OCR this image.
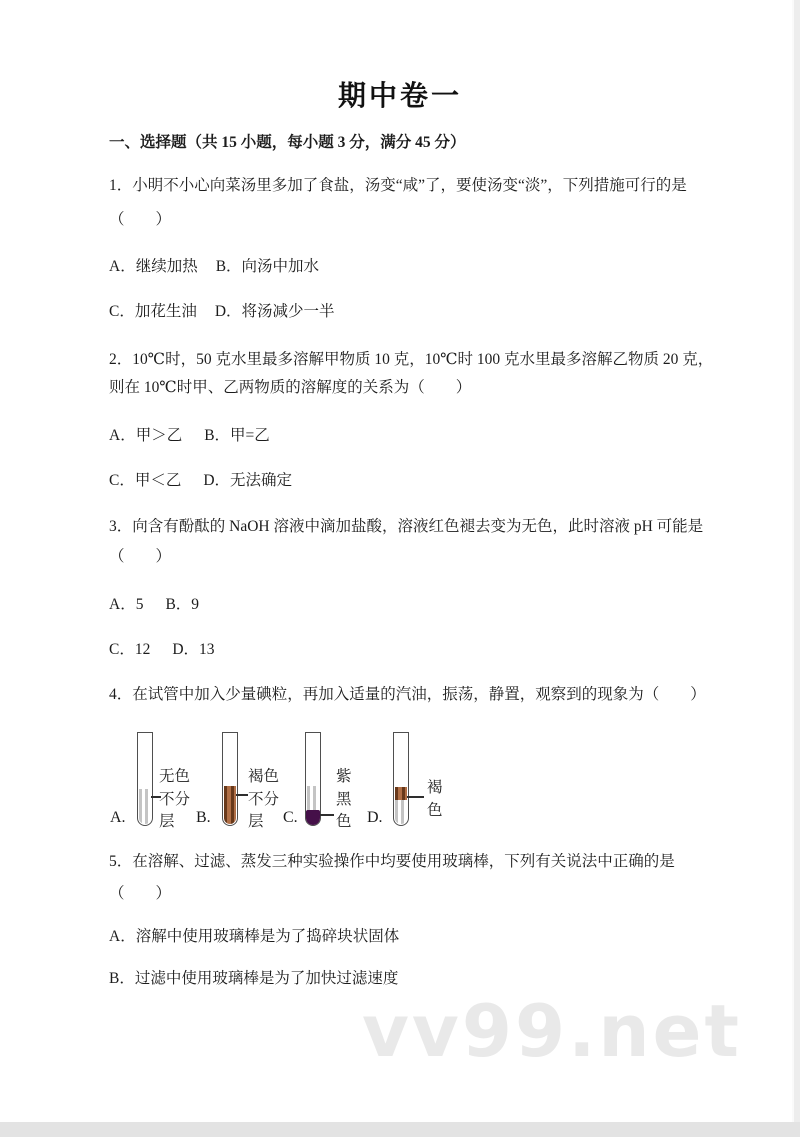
期中卷一
一、选择题（共 15 小题，每小题 3 分，满分 45 分）
1．小明不小心向菜汤里多加了食盐，汤变“咸”了，要使汤变“淡”，下列措施可行的是
（　　）
A．继续加热 B．向汤中加水
C．加花生油 D．将汤减少一半
2．10℃时，50 克水里最多溶解甲物质 10 克，10℃时 100 克水里最多溶解乙物质 20 克，
则在 10℃时甲、乙两物质的溶解度的关系为（　　）
A．甲＞乙 B．甲=乙
C．甲＜乙 D．无法确定
3．向含有酚酞的 NaOH 溶液中滴加盐酸，溶液红色褪去变为无色，此时溶液 pH 可能是
（　　）
A．5 B．9
C．12 D．13
4．在试管中加入少量碘粒，再加入适量的汽油，振荡，静置，观察到的现象为（　　）
A.
无色
不分
层	B.
褐色
不分
层	C.
紫
黑
色 D.
褐
色
5．在溶解、过滤、蒸发三种实验操作中均要使用玻璃棒，下列有关说法中正确的是
（　　）
A．溶解中使用玻璃棒是为了捣碎块状固体
B．过滤中使用玻璃棒是为了加快过滤速度
vv99.net
